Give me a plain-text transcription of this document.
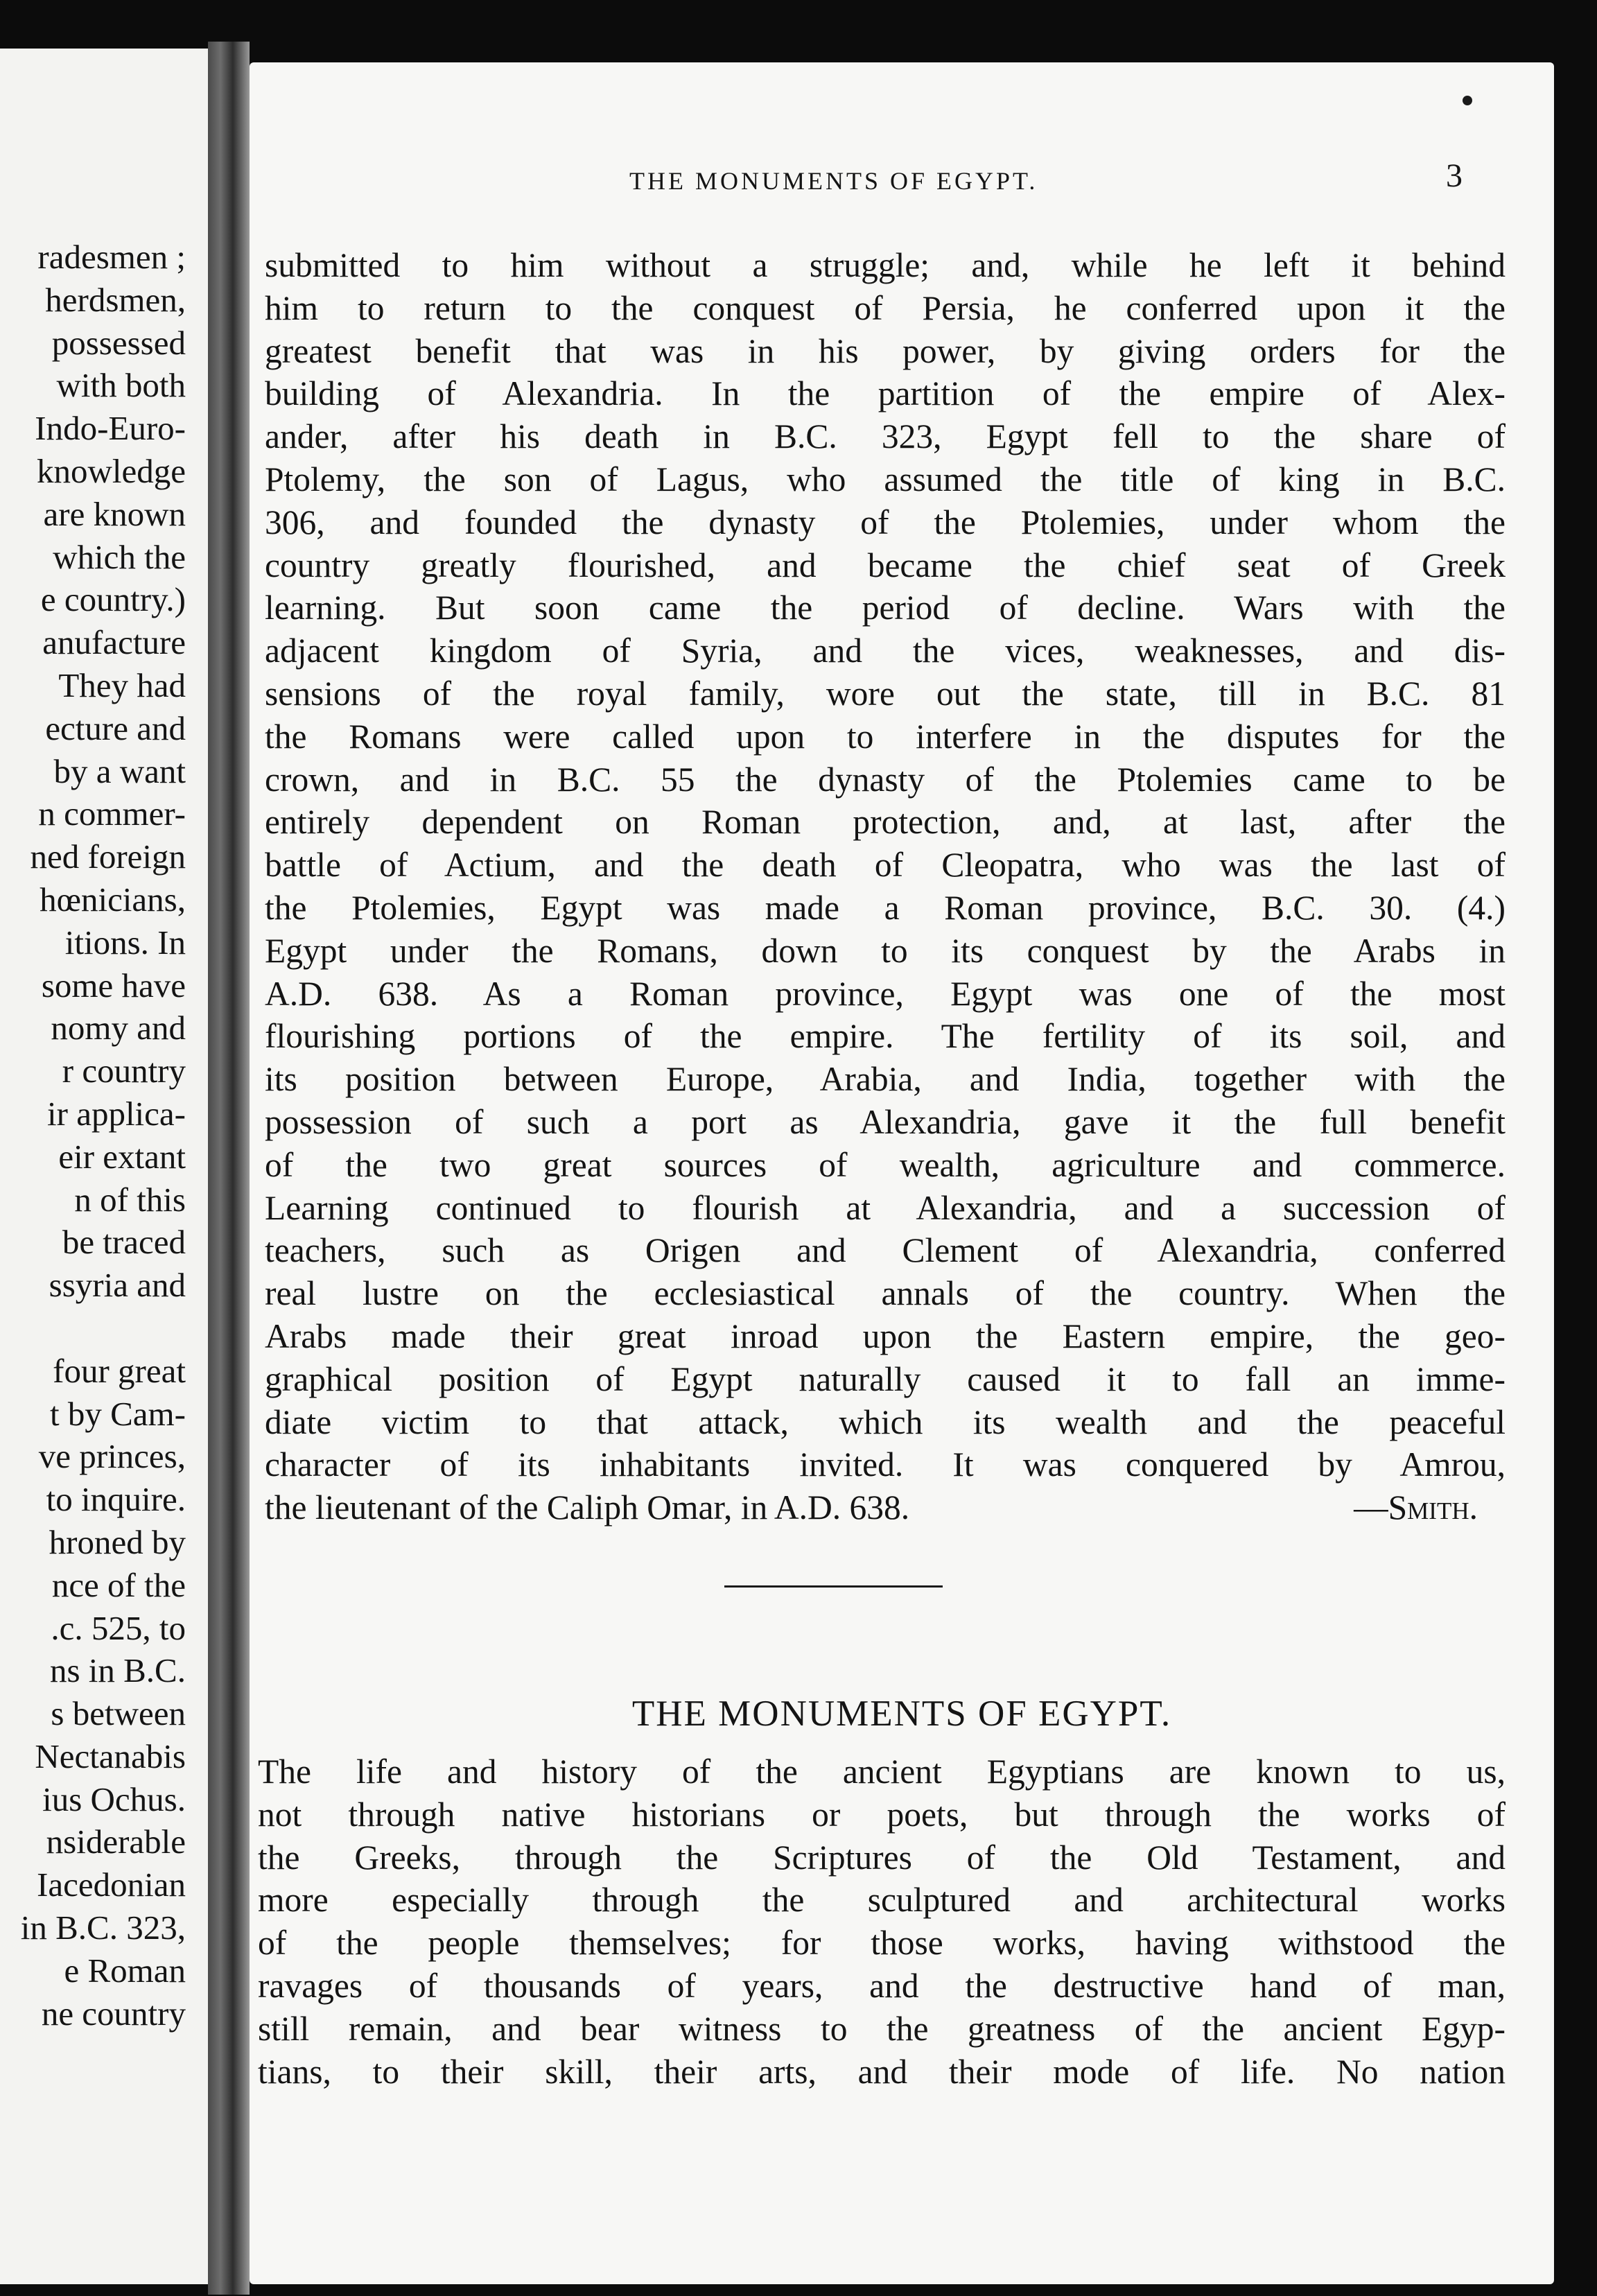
radesmen ;
herdsmen,
possessed
with both
Indo-Euro-
knowledge
are known
which the
e country.)
anufacture
They had
ecture and
by a want
n commer-
ned foreign
hœnicians,
itions. In
some have
nomy and
r country
ir applica-
eir extant
n of this
be traced
ssyria and

four great
t by Cam-
ve princes,
to inquire.
hroned by
nce of the
.c. 525, to
ns in B.C.
s between
Nectanabis
ius Ochus.
nsiderable
Iacedonian
in B.C. 323,
e Roman
ne country
THE MONUMENTS OF EGYPT.	3
submitted to him without a struggle; and, while he left it behind
him to return to the conquest of Persia, he conferred upon it the
greatest benefit that was in his power, by giving orders for the
building of Alexandria. In the partition of the empire of Alex-
ander, after his death in B.C. 323, Egypt fell to the share of
Ptolemy, the son of Lagus, who assumed the title of king in B.C.
306, and founded the dynasty of the Ptolemies, under whom the
country greatly flourished, and became the chief seat of Greek
learning. But soon came the period of decline. Wars with the
adjacent kingdom of Syria, and the vices, weaknesses, and dis-
sensions of the royal family, wore out the state, till in B.C. 81
the Romans were called upon to interfere in the disputes for the
crown, and in B.C. 55 the dynasty of the Ptolemies came to be
entirely dependent on Roman protection, and, at last, after the
battle of Actium, and the death of Cleopatra, who was the last of
the Ptolemies, Egypt was made a Roman province, B.C. 30. (4.)
Egypt under the Romans, down to its conquest by the Arabs in
A.D. 638. As a Roman province, Egypt was one of the most
flourishing portions of the empire. The fertility of its soil, and
its position between Europe, Arabia, and India, together with the
possession of such a port as Alexandria, gave it the full benefit
of the two great sources of wealth, agriculture and commerce.
Learning continued to flourish at Alexandria, and a succession of
teachers, such as Origen and Clement of Alexandria, conferred
real lustre on the ecclesiastical annals of the country. When the
Arabs made their great inroad upon the Eastern empire, the geo-
graphical position of Egypt naturally caused it to fall an imme-
diate victim to that attack, which its wealth and the peaceful
character of its inhabitants invited. It was conquered by Amrou,
the lieutenant of the Caliph Omar, in A.D. 638.	—Smith.
THE MONUMENTS OF EGYPT.
The life and history of the ancient Egyptians are known to us,
not through native historians or poets, but through the works of
the Greeks, through the Scriptures of the Old Testament, and
more especially through the sculptured and architectural works
of the people themselves; for those works, having withstood the
ravages of thousands of years, and the destructive hand of man,
still remain, and bear witness to the greatness of the ancient Egyp-
tians, to their skill, their arts, and their mode of life. No nation
